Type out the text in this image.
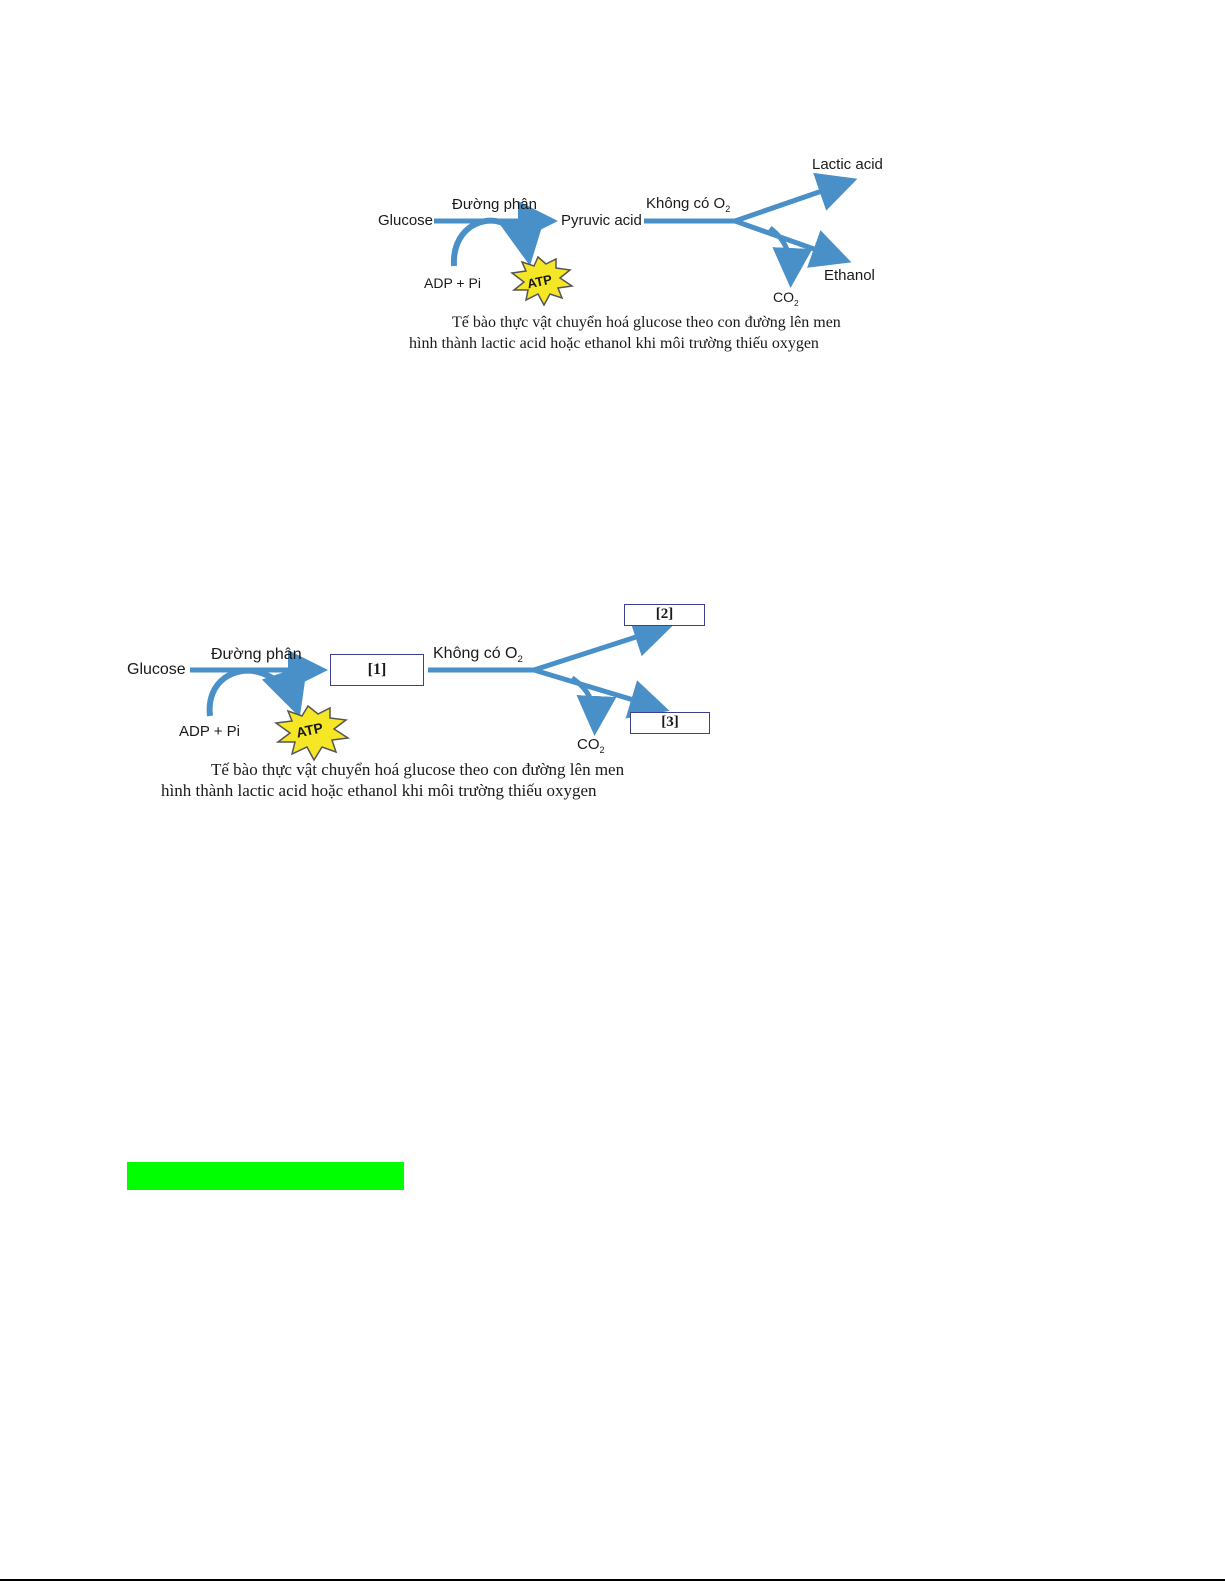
Glucose
Đường phân
Pyruvic acid
Không có $O_2$
Lactic acid
Ethanol
$CO_2$
ADP + Pi	ATP
Tế bào thực vật chuyển hoá glucose theo con đường lên men
hình thành lactic acid hoặc ethanol khi môi trường thiếu oxygen
Glucose
Đường phân
[1]
Không có $O_2$
[2]
[3]
$CO_2$
ADP + Pi	ATP
Tế bào thực vật chuyển hoá glucose theo con đường lên men
hình thành lactic acid hoặc ethanol khi môi trường thiếu oxygen
